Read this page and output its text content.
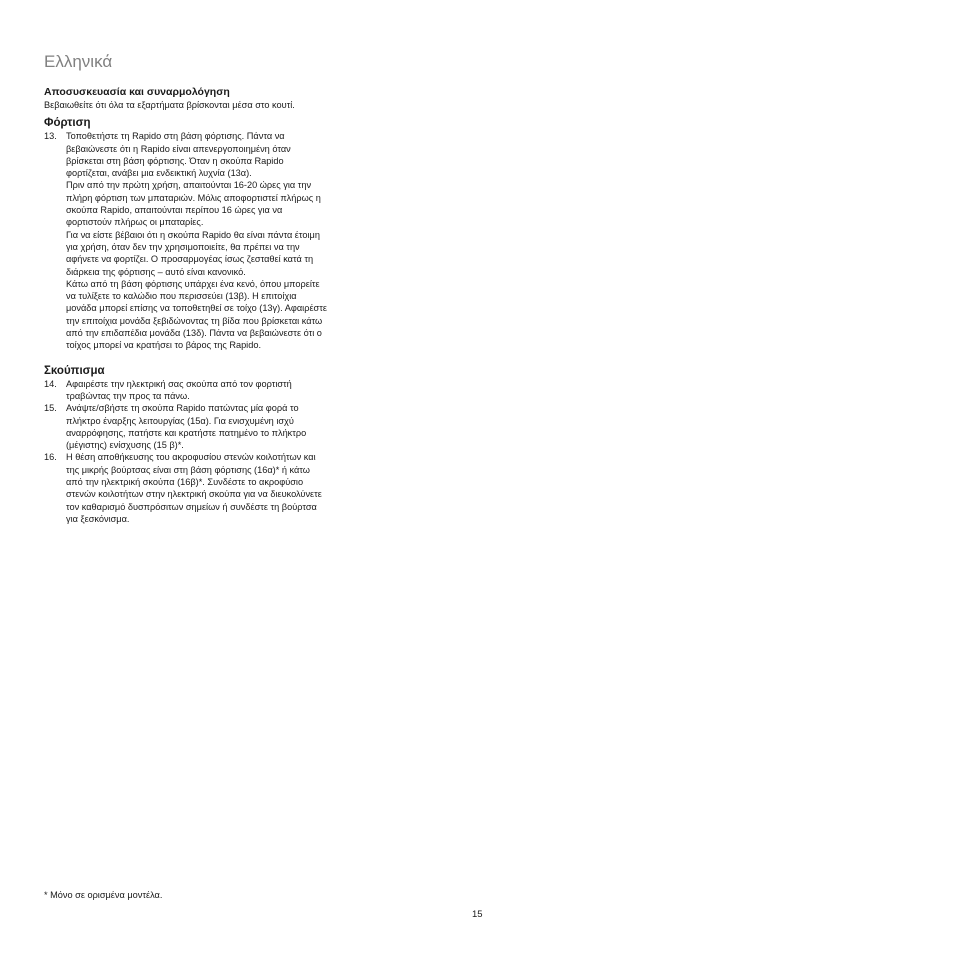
Ελληνικά
Αποσυσκευασία και συναρμολόγηση

Βεβαιωθείτε ότι όλα τα εξαρτήματα βρίσκονται μέσα στο κουτί.

Φόρτιση
13.	Τοποθετήστε τη Rapido στη βάση φόρτισης. Πάντα να βεβαιώνεστε ότι η Rapido είναι απενεργοποιημένη όταν βρίσκεται στη βάση φόρτισης. Όταν η σκούπα Rapido φορτίζεται, ανάβει μια ενδεικτική λυχνία (13α).

Πριν από την πρώτη χρήση, απαιτούνται 16-20 ώρες για την πλήρη φόρτιση των μπαταριών. Μόλις αποφορτιστεί πλήρως η σκούπα Rapido, απαιτούνται περίπου 16 ώρες για να φορτιστούν πλήρως οι μπαταρίες.

Για να είστε βέβαιοι ότι η σκούπα Rapido θα είναι πάντα έτοιμη για χρήση, όταν δεν την χρησιμοποιείτε, θα πρέπει να την αφήνετε να φορτίζει. Ο προσαρμογέας ίσως ζεσταθεί κατά τη διάρκεια της φόρτισης – αυτό είναι κανονικό.

Κάτω από τη βάση φόρτισης υπάρχει ένα κενό, όπου μπορείτε να τυλίξετε το καλώδιο που περισσεύει (13β). Η επιτοίχια μονάδα μπορεί επίσης να τοποθετηθεί σε τοίχο (13γ). Αφαιρέστε την επιτοίχια μονάδα ξεβιδώνοντας τη βίδα που βρίσκεται κάτω από την επιδαπέδια μονάδα (13δ). Πάντα να βεβαιώνεστε ότι ο τοίχος μπορεί να κρατήσει το βάρος της Rapido.

Σκούπισμα
14.	Αφαιρέστε την ηλεκτρική σας σκούπα από τον φορτιστή τραβώντας την προς τα πάνω.
15.	Ανάψτε/σβήστε τη σκούπα Rapido πατώντας μία φορά το πλήκτρο έναρξης λειτουργίας (15α). Για ενισχυμένη ισχύ αναρρόφησης, πατήστε και κρατήστε πατημένο το πλήκτρο (μέγιστης) ενίσχυσης (15 β)*.
16.	Η θέση αποθήκευσης του ακροφυσίου στενών κοιλοτήτων και της μικρής βούρτσας είναι στη βάση φόρτισης (16α)* ή κάτω από την ηλεκτρική σκούπα (16β)*. Συνδέστε το ακροφύσιο στενών κοιλοτήτων στην ηλεκτρική σκούπα για να διευκολύνετε τον καθαρισμό δυσπρόσιτων σημείων ή συνδέστε τη βούρτσα για ξεσκόνισμα.
* Μόνο σε ορισμένα μοντέλα.
15
